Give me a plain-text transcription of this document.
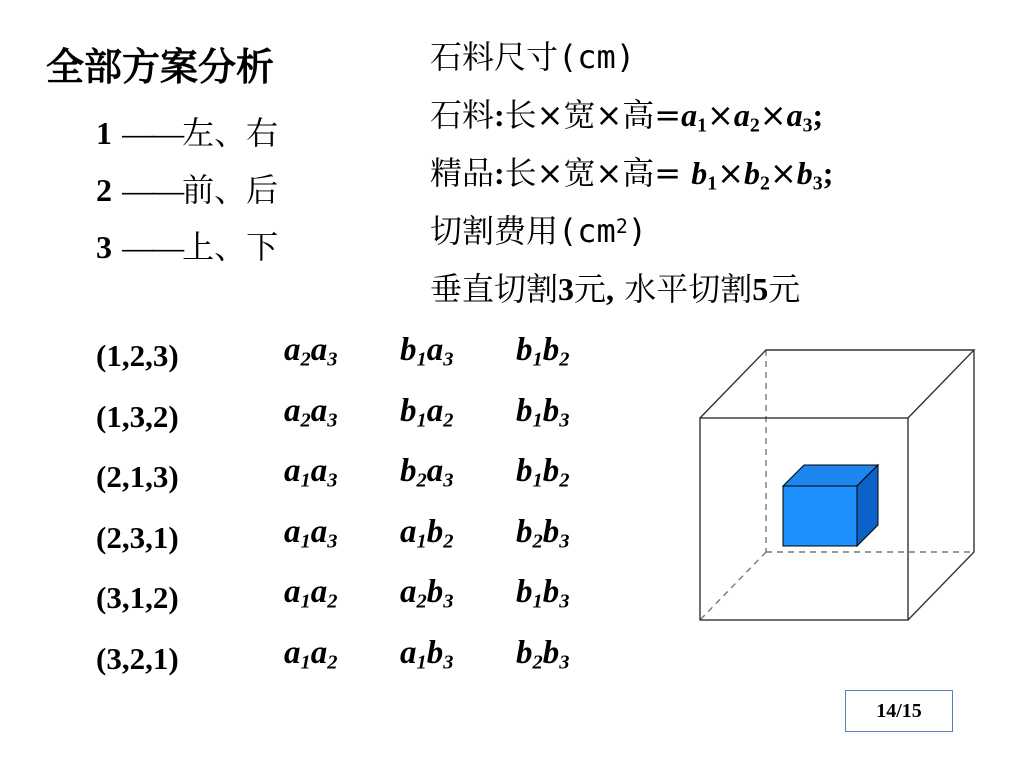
全部方案分析
1 ——左、右
2 ——前、后
3 ——上、下
石料尺寸(cm)
石料:长×宽×高$=a_1\times a_2\times a_3$;
精品:长×宽×高= $b_1\times b_2\times b_3$;
切割费用$(cm^2)$
垂直切割3元, 水平切割5元
(1,2,3)	$a_2a_3$ $b_1a_3$ $b_1b_2$
(1,3,2)	$a_2a_3$ $b_1a_2$ $b_1b_3$
(2,1,3)	$a_1a_3$ $b_2a_3$ $b_1b_2$
(2,3,1)	$a_1a_3$ $a_1b_2$ $b_2b_3$
(3,1,2)	$a_1a_2$ $a_2b_3$ $b_1b_3$
(3,2,1)	$a_1a_2$ $a_1b_3$ $b_2b_3$
14/15
